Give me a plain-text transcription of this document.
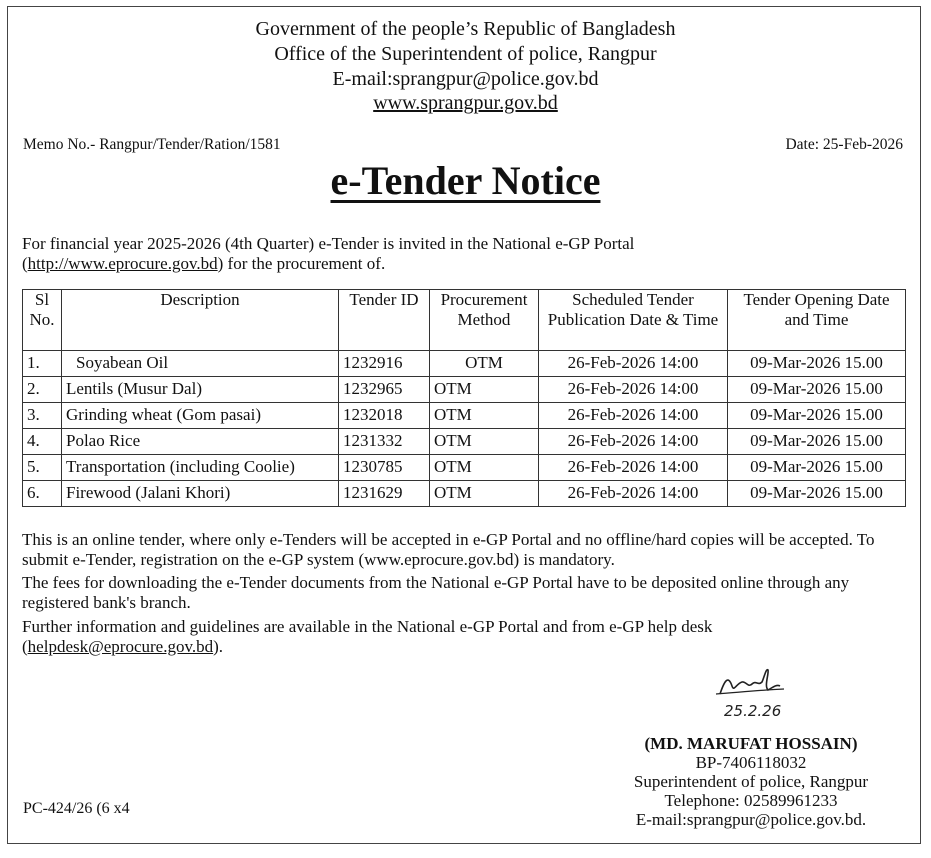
Government of the people’s Republic of Bangladesh
Office of the Superintendent of police, Rangpur
E-mail:sprangpur@police.gov.bd
www.sprangpur.gov.bd
Memo No.- Rangpur/Tender/Ration/1581	Date: 25-Feb-2026
e-Tender Notice
For financial year 2025-2026 (4th Quarter) e-Tender is invited in the National e-GP Portal
(http://www.eprocure.gov.bd) for the procurement of.
Sl No.	Description	Tender ID	Procurement Method	Scheduled Tender Publication Date & Time	Tender Opening Date and Time
1.	Soyabean Oil	1232916	OTM	26-Feb-2026 14:00	09-Mar-2026 15.00
2.	Lentils (Musur Dal)	1232965	OTM	26-Feb-2026 14:00	09-Mar-2026 15.00
3.	Grinding wheat (Gom pasai)	1232018	OTM	26-Feb-2026 14:00	09-Mar-2026 15.00
4.	Polao Rice	1231332	OTM	26-Feb-2026 14:00	09-Mar-2026 15.00
5.	Transportation (including Coolie)	1230785	OTM	26-Feb-2026 14:00	09-Mar-2026 15.00
6.	Firewood (Jalani Khori)	1231629	OTM	26-Feb-2026 14:00	09-Mar-2026 15.00
This is an online tender, where only e-Tenders will be accepted in e-GP Portal and no offline/hard copies will be accepted. To submit e-Tender, registration on the e-GP system (www.eprocure.gov.bd) is mandatory.
The fees for downloading the e-Tender documents from the National e-GP Portal have to be deposited online through any registered bank's branch.
Further information and guidelines are available in the National e-GP Portal and from e-GP help desk
(helpdesk@eprocure.gov.bd).
25.2.26
(MD. MARUFAT HOSSAIN)
BP-7406118032
Superintendent of police, Rangpur
Telephone: 02589961233
E-mail:sprangpur@police.gov.bd.
PC-424/26 (6 x4
